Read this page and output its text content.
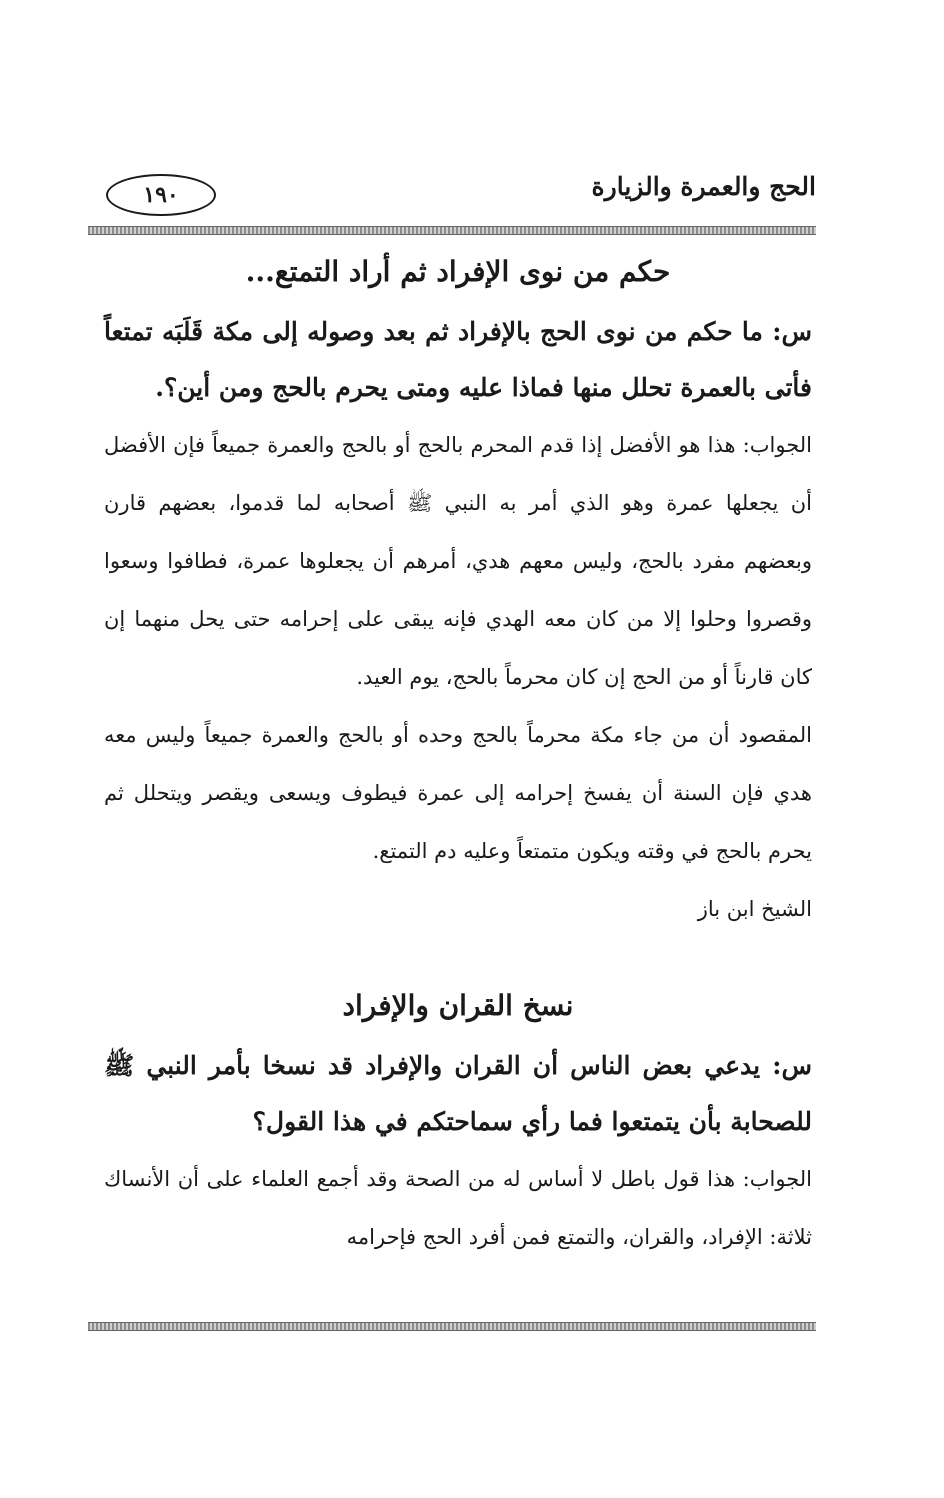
الحج والعمرة والزيارة
١٩٠
حكم من نوى الإفراد ثم أراد التمتع...

س: ما حكم من نوى الحج بالإفراد ثم بعد وصوله إلى مكة قَلَبَه تمتعاً فأتى بالعمرة تحلل منها فماذا عليه ومتى يحرم بالحج ومن أين؟.

الجواب: هذا هو الأفضل إذا قدم المحرم بالحج أو بالحج والعمرة جميعاً فإن الأفضل أن يجعلها عمرة وهو الذي أمر به النبي ﷺ أصحابه لما قدموا، بعضهم قارن وبعضهم مفرد بالحج، وليس معهم هدي، أمرهم أن يجعلوها عمرة، فطافوا وسعوا وقصروا وحلوا إلا من كان معه الهدي فإنه يبقى على إحرامه حتى يحل منهما إن كان قارناً أو من الحج إن كان محرماً بالحج، يوم العيد.

المقصود أن من جاء مكة محرماً بالحج وحده أو بالحج والعمرة جميعاً وليس معه هدي فإن السنة أن يفسخ إحرامه إلى عمرة فيطوف ويسعى ويقصر ويتحلل ثم يحرم بالحج في وقته ويكون متمتعاً وعليه دم التمتع.

الشيخ ابن باز

نسخ القران والإفراد

س: يدعي بعض الناس أن القران والإفراد قد نسخا بأمر النبي ﷺ للصحابة بأن يتمتعوا فما رأي سماحتكم في هذا القول؟

الجواب: هذا قول باطل لا أساس له من الصحة وقد أجمع العلماء على أن الأنساك ثلاثة: الإفراد، والقران، والتمتع فمن أفرد الحج فإحرامه
